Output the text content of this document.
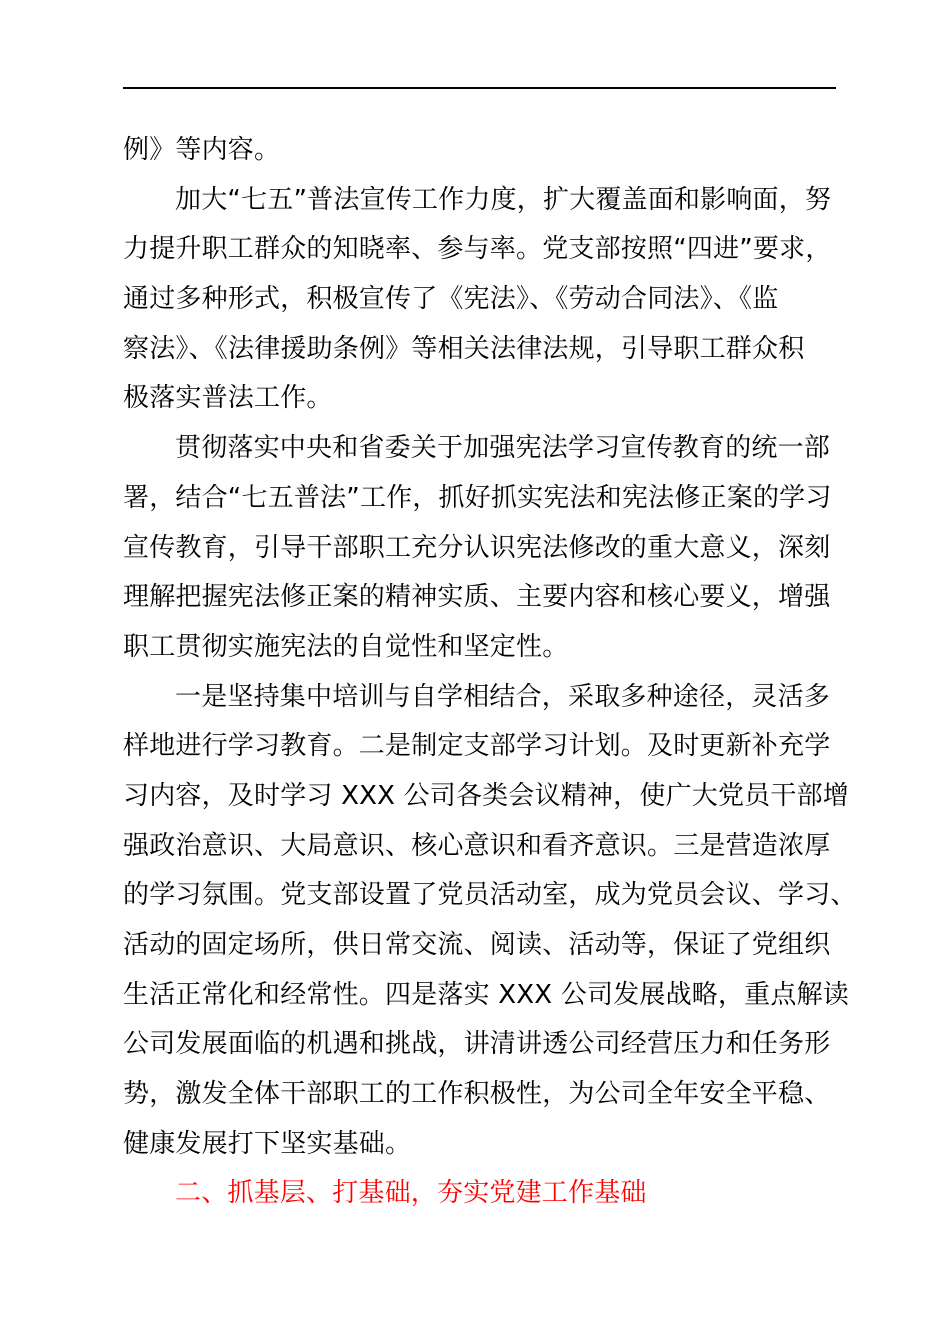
例》等内容。
加大“七五”普法宣传工作力度，扩大覆盖面和影响面，努
力提升职工群众的知晓率、参与率。党支部按照“四进”要求，
通过多种形式，积极宣传了《宪法》、《劳动合同法》、《监
察法》、《法律援助条例》等相关法律法规，引导职工群众积
极落实普法工作。
贯彻落实中央和省委关于加强宪法学习宣传教育的统一部
署，结合“七五普法”工作，抓好抓实宪法和宪法修正案的学习
宣传教育，引导干部职工充分认识宪法修改的重大意义，深刻
理解把握宪法修正案的精神实质、主要内容和核心要义，增强
职工贯彻实施宪法的自觉性和坚定性。
一是坚持集中培训与自学相结合，采取多种途径，灵活多
样地进行学习教育。二是制定支部学习计划。及时更新补充学
习内容，及时学习 XXX 公司各类会议精神，使广大党员干部增
强政治意识、大局意识、核心意识和看齐意识。三是营造浓厚
的学习氛围。党支部设置了党员活动室，成为党员会议、学习、
活动的固定场所，供日常交流、阅读、活动等，保证了党组织
生活正常化和经常性。四是落实 XXX 公司发展战略，重点解读
公司发展面临的机遇和挑战，讲清讲透公司经营压力和任务形
势，激发全体干部职工的工作积极性，为公司全年安全平稳、
健康发展打下坚实基础。
二、抓基层、打基础，夯实党建工作基础
